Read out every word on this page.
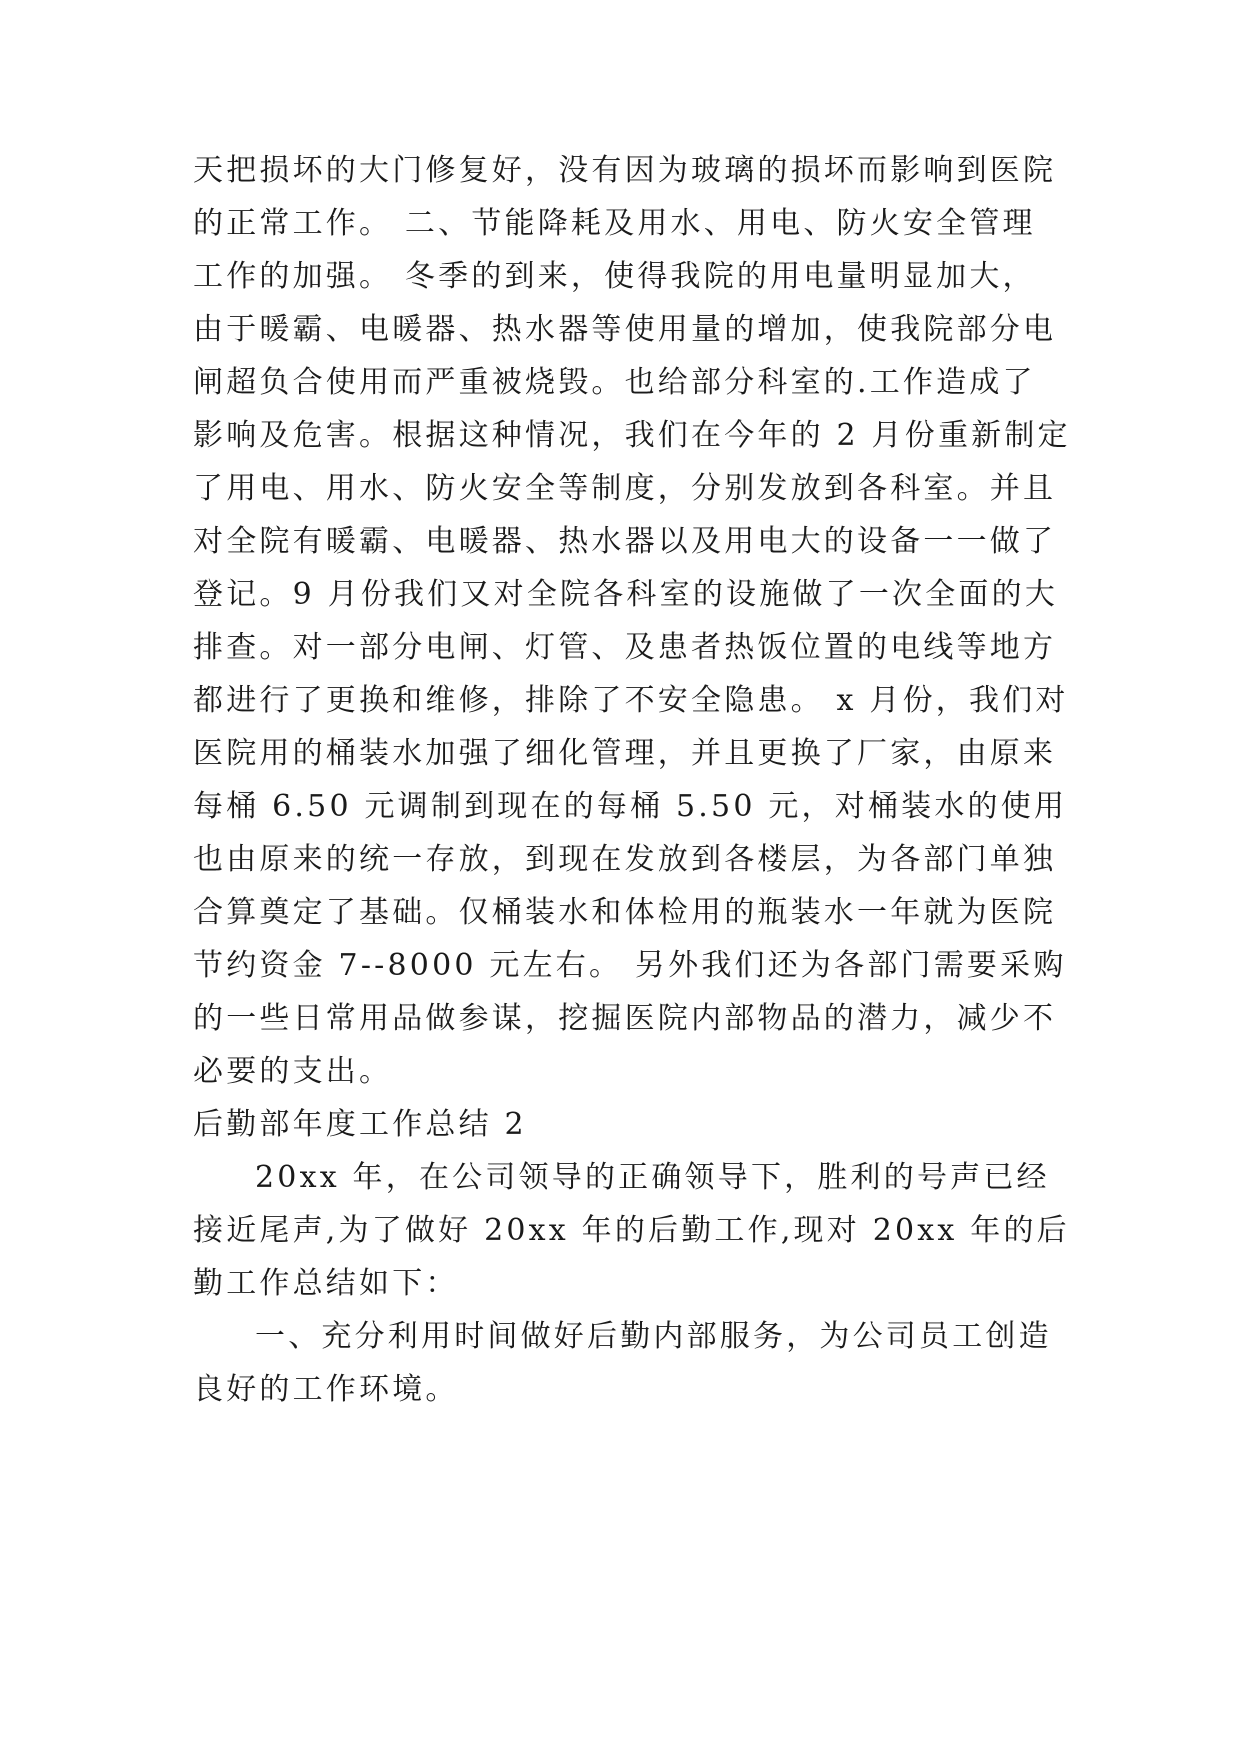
天把损坏的大门修复好，没有因为玻璃的损坏而影响到医院
的正常工作。 二、节能降耗及用水、用电、防火安全管理
工作的加强。 冬季的到来，使得我院的用电量明显加大，
由于暖霸、电暖器、热水器等使用量的增加，使我院部分电
闸超负合使用而严重被烧毁。也给部分科室的.工作造成了
影响及危害。根据这种情况，我们在今年的 2 月份重新制定
了用电、用水、防火安全等制度，分别发放到各科室。并且
对全院有暖霸、电暖器、热水器以及用电大的设备一一做了
登记。9 月份我们又对全院各科室的设施做了一次全面的大
排查。对一部分电闸、灯管、及患者热饭位置的电线等地方
都进行了更换和维修，排除了不安全隐患。 x 月份，我们对
医院用的桶装水加强了细化管理，并且更换了厂家，由原来
每桶 6.50 元调制到现在的每桶 5.50 元，对桶装水的使用
也由原来的统一存放，到现在发放到各楼层，为各部门单独
合算奠定了基础。仅桶装水和体检用的瓶装水一年就为医院
节约资金 7--8000 元左右。 另外我们还为各部门需要采购
的一些日常用品做参谋，挖掘医院内部物品的潜力，减少不
必要的支出。
后勤部年度工作总结 2
20xx 年，在公司领导的正确领导下，胜利的号声已经
接近尾声,为了做好 20xx 年的后勤工作,现对 20xx 年的后
勤工作总结如下：
一、充分利用时间做好后勤内部服务，为公司员工创造
良好的工作环境。
